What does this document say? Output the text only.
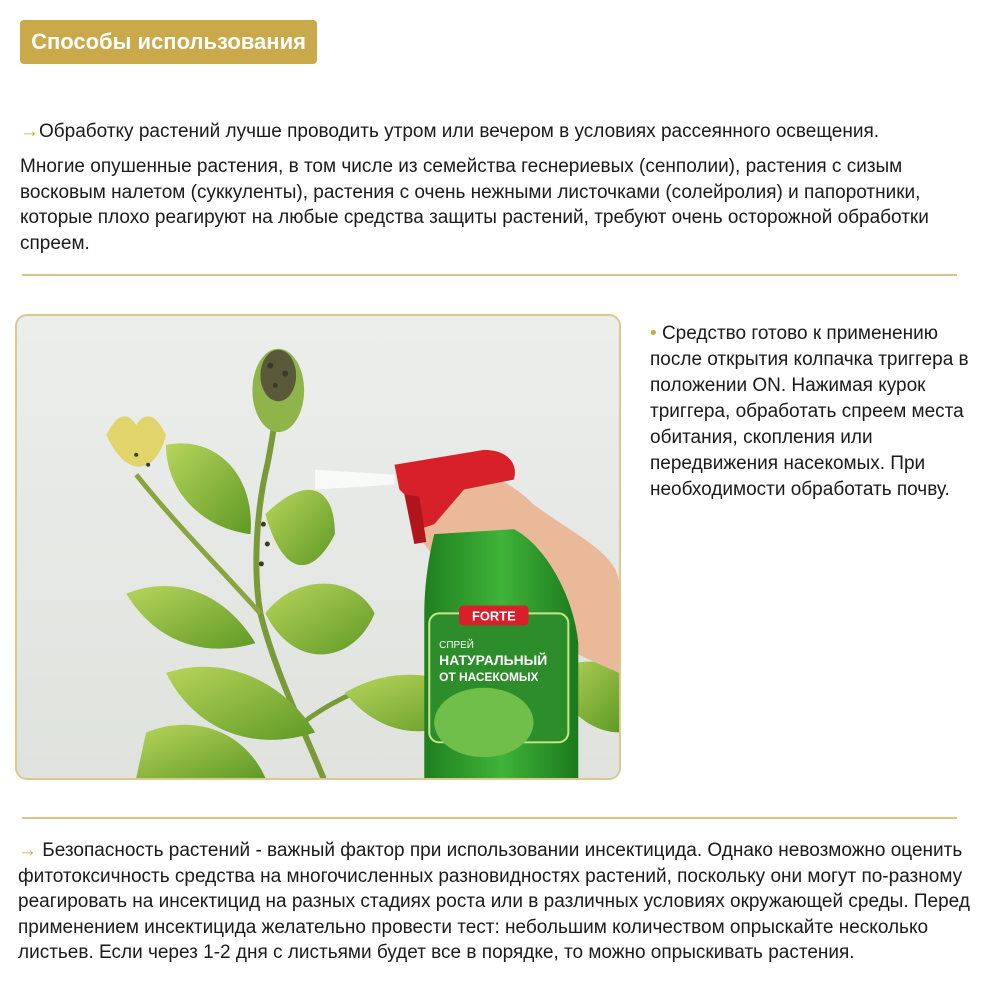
Способы использования

→Обработку растений лучше проводить утром или вечером в условиях рассеянного освещения.

Многие опушенные растения, в том числе из семейства геснериевых (сенполии), растения с сизым восковым налетом (суккуленты), растения с очень нежными листочками (солейролия) и папоротники, которые плохо реагируют на любые средства защиты растений, требуют очень осторожной обработки спреем.

FORTE
СПРЕЙ
НАТУРАЛЬНЫЙ
ОТ НАСЕКОМЫХ

• Средство готово к применению после открытия колпачка триггера в положении ON. Нажимая курок триггера, обработать спреем места обитания, скопления или передвижения насекомых. При необходимости обработать почву.

→ Безопасность растений - важный фактор при использовании инсектицида. Однако невозможно оценить фитотоксичность средства на многочисленных разновидностях растений, поскольку они могут по-разному реагировать на инсектицид на разных стадиях роста или в различных условиях окружающей среды. Перед применением инсектицида желательно провести тест: небольшим количеством опрыскайте несколько листьев. Если через 1-2 дня с листьями будет все в порядке, то можно опрыскивать растения.
